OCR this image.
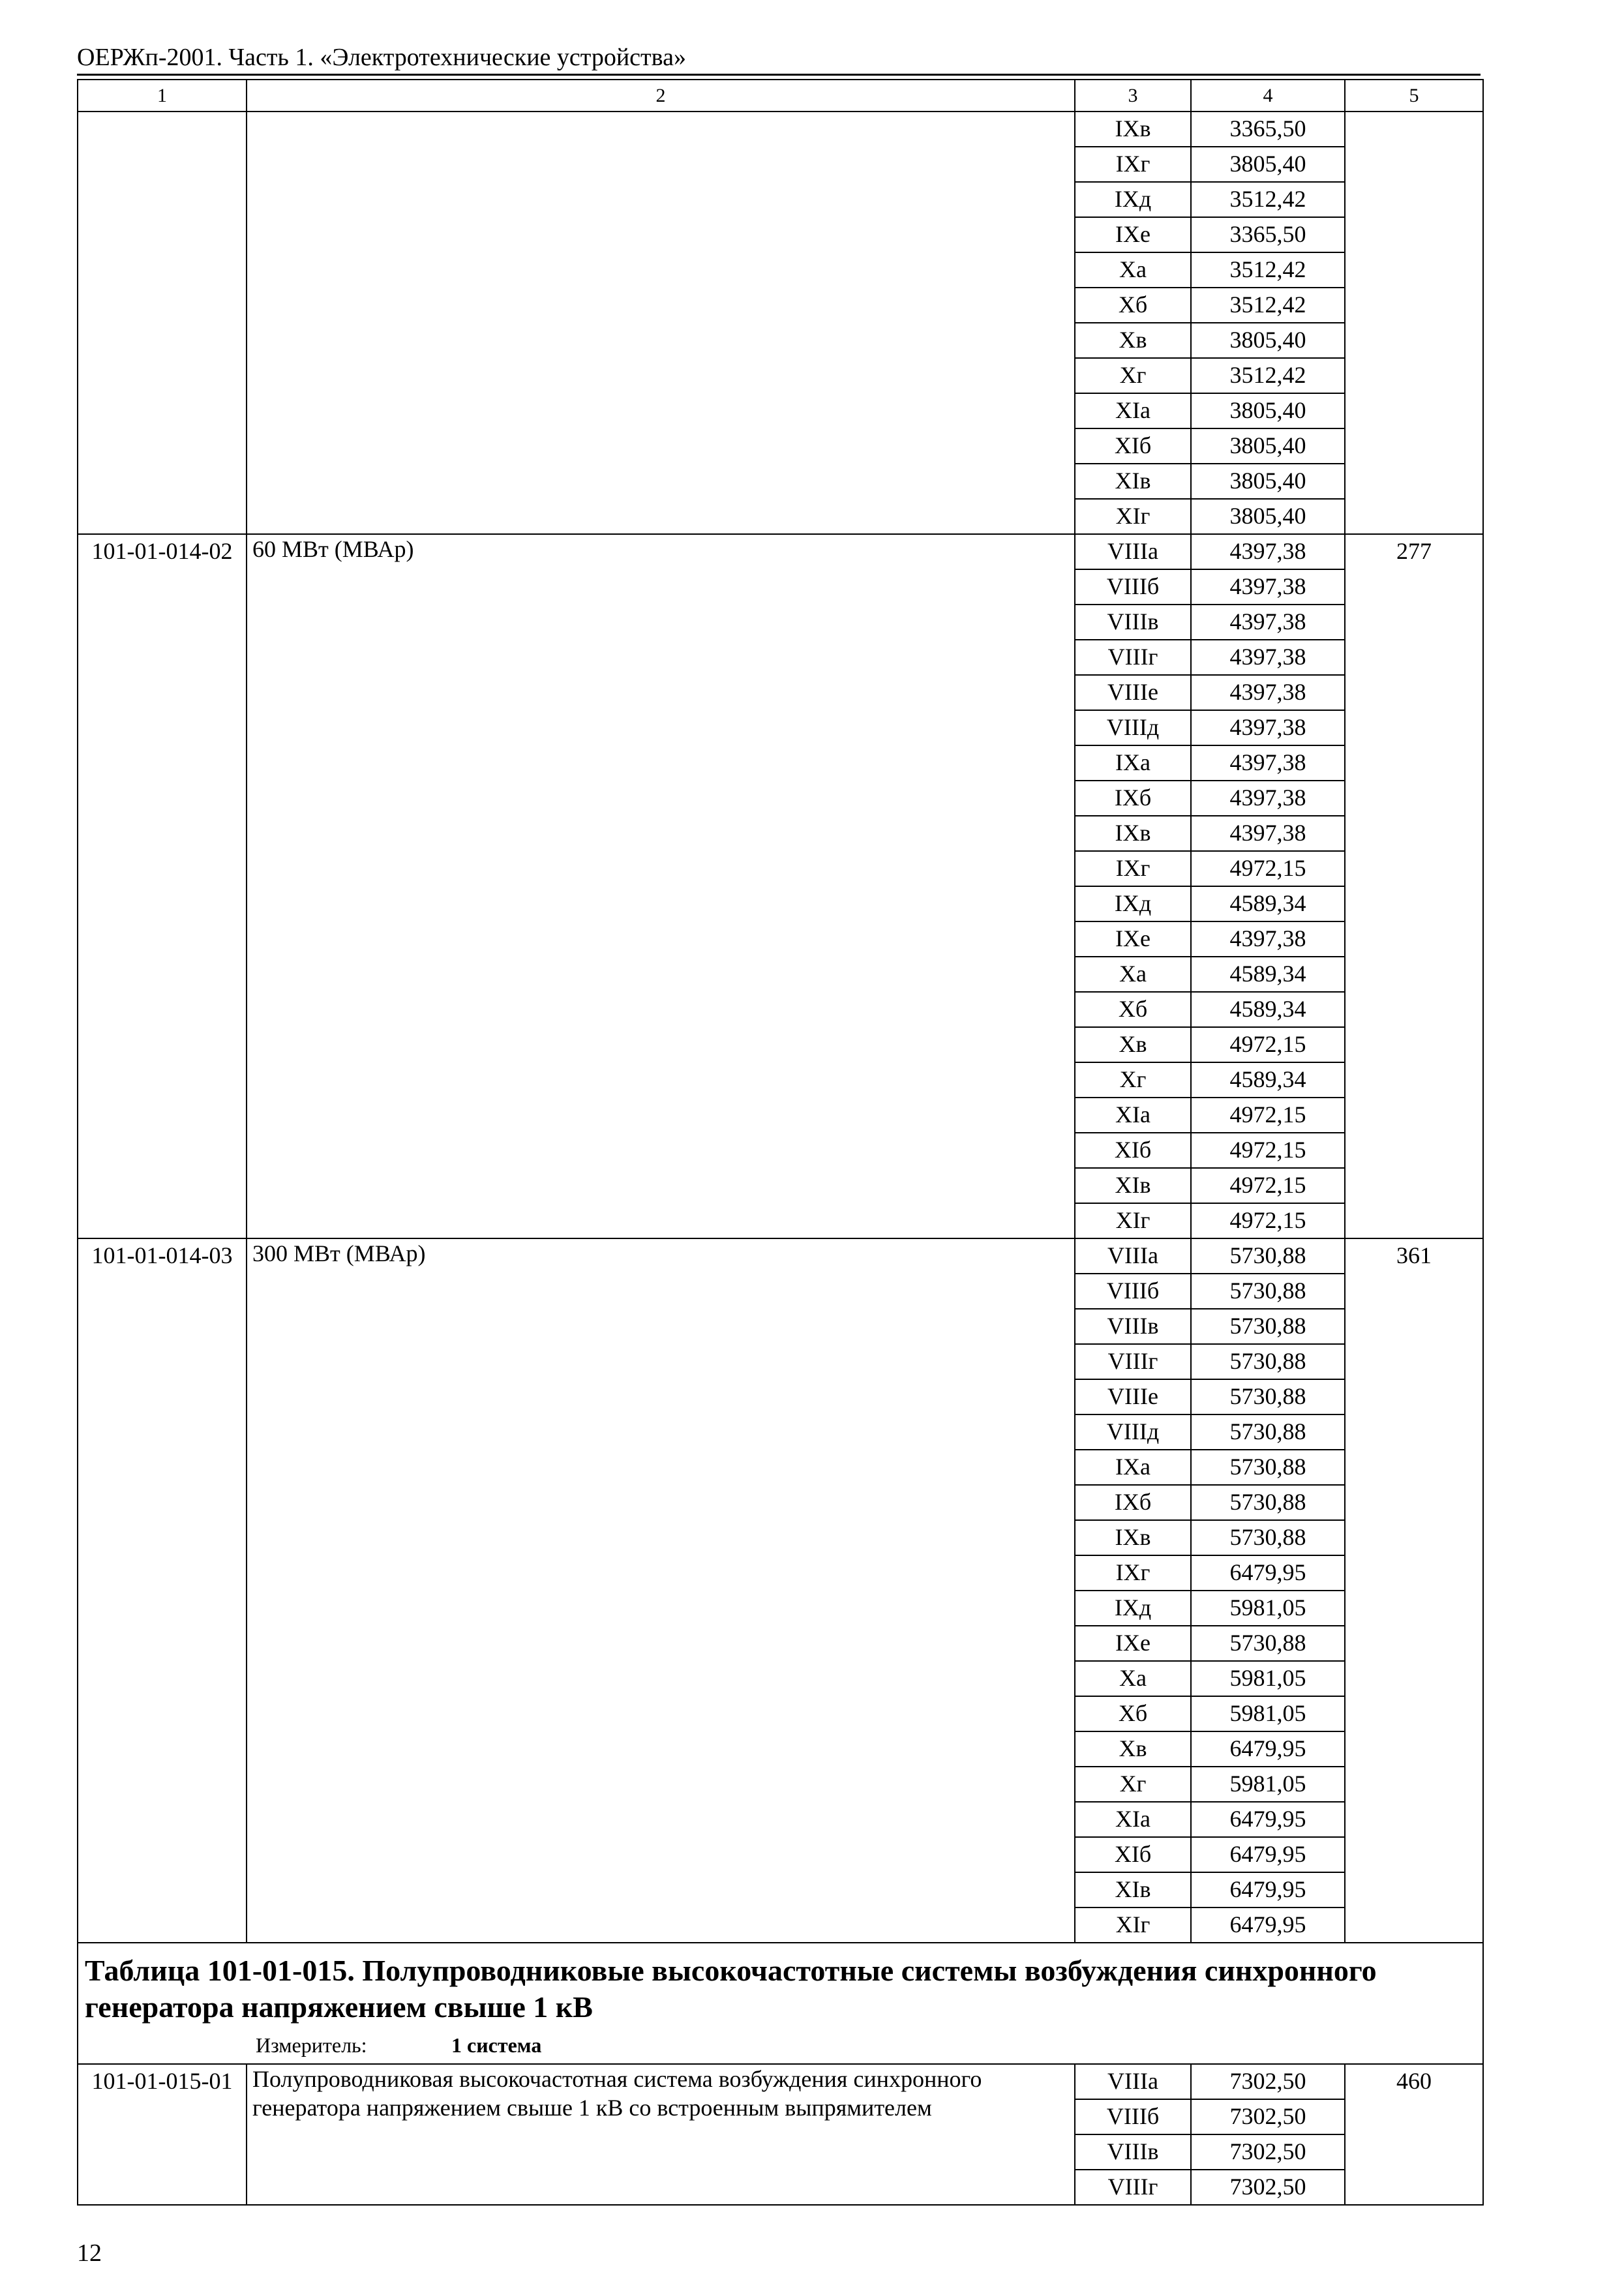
ОЕРЖп-2001. Часть 1. «Электротехнические устройства»
1	2	3	4	5
		IXв	3365,50	
		IXг	3805,40	
		IXд	3512,42	
		IXе	3365,50	
		Xа	3512,42	
		Xб	3512,42	
		Xв	3805,40	
		Xг	3512,42	
		XIа	3805,40	
		XIб	3805,40	
		XIв	3805,40	
		XIг	3805,40	
101-01-014-02	60 МВт (МВАр)	VIIIа	4397,38	277
		VIIIб	4397,38	
		VIIIв	4397,38	
		VIIIг	4397,38	
		VIIIе	4397,38	
		VIIIд	4397,38	
		IXа	4397,38	
		IXб	4397,38	
		IXв	4397,38	
		IXг	4972,15	
		IXд	4589,34	
		IXе	4397,38	
		Xа	4589,34	
		Xб	4589,34	
		Xв	4972,15	
		Xг	4589,34	
		XIа	4972,15	
		XIб	4972,15	
		XIв	4972,15	
		XIг	4972,15	
101-01-014-03	300 МВт (МВАр)	VIIIа	5730,88	361
		VIIIб	5730,88	
		VIIIв	5730,88	
		VIIIг	5730,88	
		VIIIе	5730,88	
		VIIIд	5730,88	
		IXа	5730,88	
		IXб	5730,88	
		IXв	5730,88	
		IXг	6479,95	
		IXд	5981,05	
		IXе	5730,88	
		Xа	5981,05	
		Xб	5981,05	
		Xв	6479,95	
		Xг	5981,05	
		XIа	6479,95	
		XIб	6479,95	
		XIв	6479,95	
		XIг	6479,95	

Таблица 101-01-015. Полупроводниковые высокочастотные системы возбуждения синхронного генератора напряжением свыше 1 кВ
Измеритель: 1 система				

101-01-015-01	Полупроводниковая высокочастотная система возбуждения синхронного генератора напряжением свыше 1 кВ со встроенным выпрямителем	VIIIа	7302,50	460
		VIIIб	7302,50	
		VIIIв	7302,50	
		VIIIг	7302,50	
12
